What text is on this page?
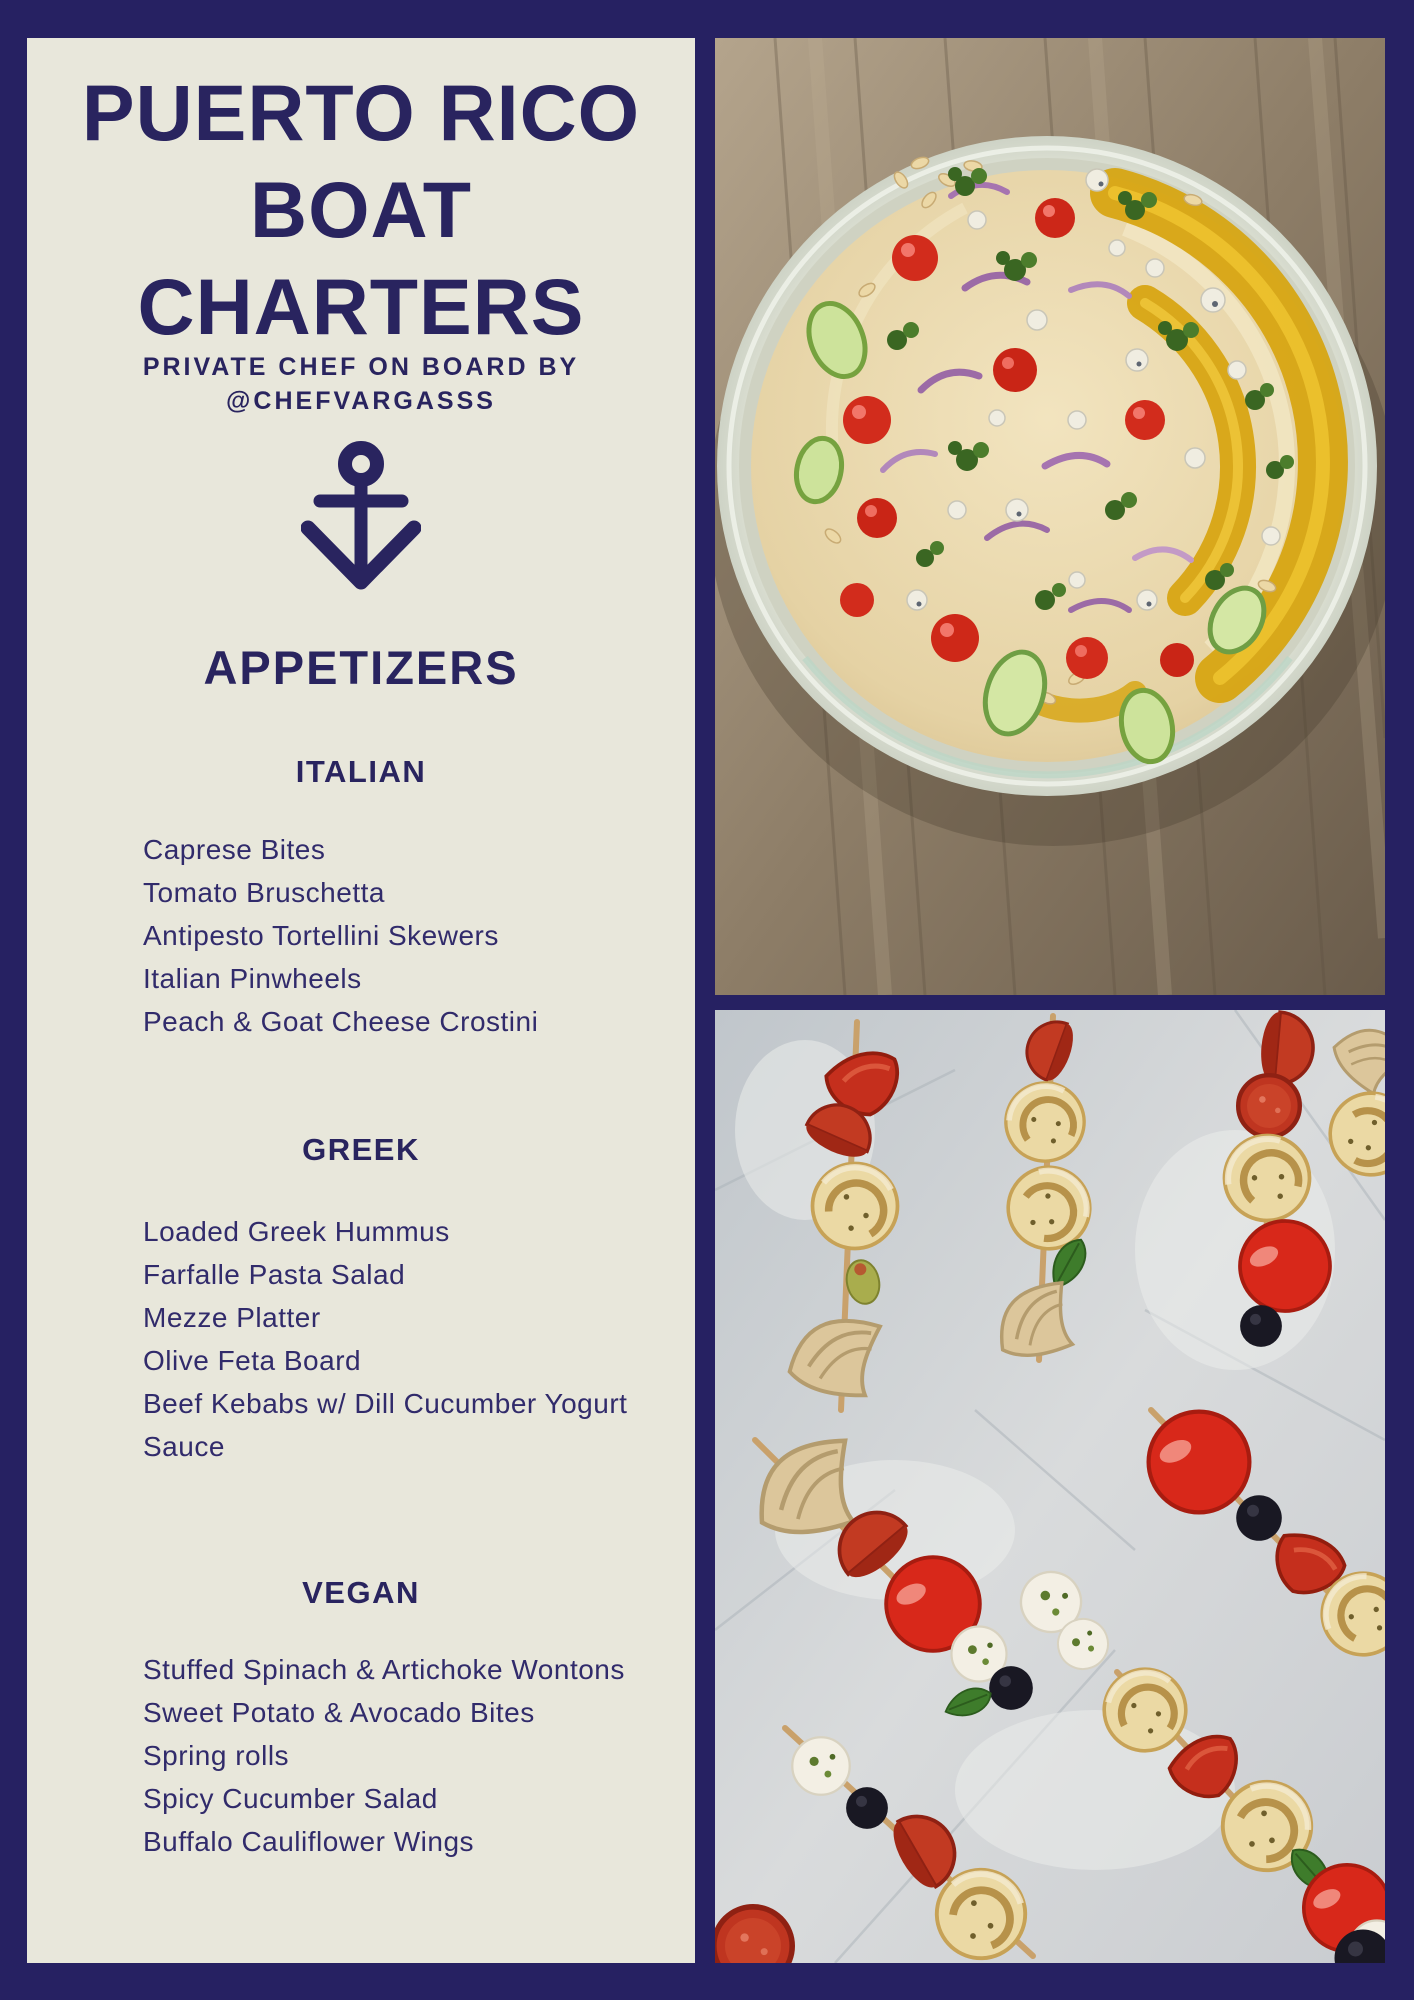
PUERTO RICO
BOAT
CHARTERS
PRIVATE CHEF ON BOARD BY
@CHEFVARGASSS
APPETIZERS
ITALIAN
Caprese Bites
Tomato Bruschetta
Antipesto Tortellini Skewers
Italian Pinwheels
Peach & Goat Cheese Crostini
GREEK
Loaded Greek Hummus
Farfalle Pasta Salad
Mezze Platter
Olive Feta Board
Beef Kebabs w/ Dill Cucumber Yogurt Sauce
VEGAN
Stuffed Spinach & Artichoke Wontons
Sweet Potato & Avocado Bites
Spring rolls
Spicy Cucumber Salad
Buffalo Cauliflower Wings
